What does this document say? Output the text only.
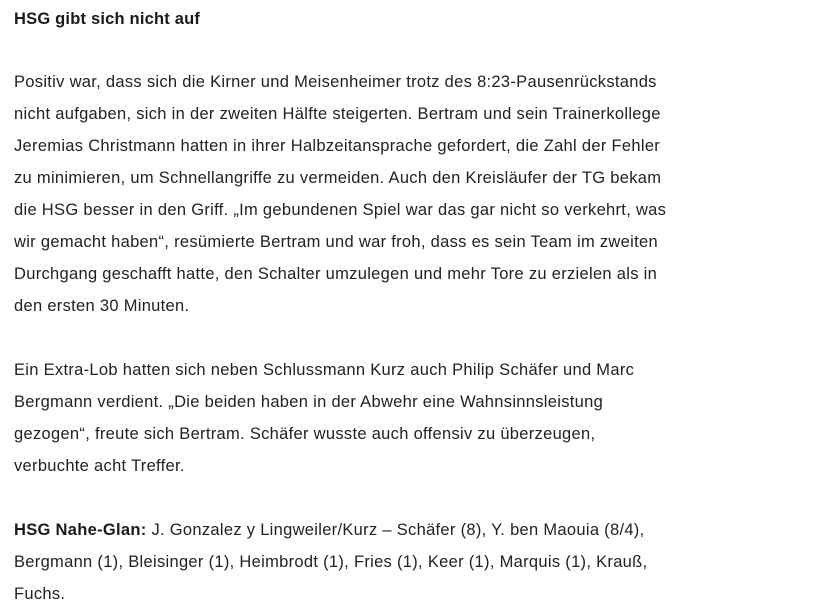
HSG gibt sich nicht auf
Positiv war, dass sich die Kirner und Meisenheimer trotz des 8:23-Pausenrückstands
nicht aufgaben, sich in der zweiten Hälfte steigerten. Bertram und sein Trainerkollege
Jeremias Christmann hatten in ihrer Halbzeitansprache gefordert, die Zahl der Fehler
zu minimieren, um Schnellangriffe zu vermeiden. Auch den Kreisläufer der TG bekam
die HSG besser in den Griff. „Im gebundenen Spiel war das gar nicht so verkehrt, was
wir gemacht haben“, resümierte Bertram und war froh, dass es sein Team im zweiten
Durchgang geschafft hatte, den Schalter umzulegen und mehr Tore zu erzielen als in
den ersten 30 Minuten.
Ein Extra-Lob hatten sich neben Schlussmann Kurz auch Philip Schäfer und Marc
Bergmann verdient. „Die beiden haben in der Abwehr eine Wahnsinnsleistung
gezogen“, freute sich Bertram. Schäfer wusste auch offensiv zu überzeugen,
verbuchte acht Treffer.
HSG Nahe-Glan: J. Gonzalez y Lingweiler/Kurz – Schäfer (8), Y. ben Maouia (8/4),
Bergmann (1), Bleisinger (1), Heimbrodt (1), Fries (1), Keer (1), Marquis (1), Krauß,
Fuchs.
